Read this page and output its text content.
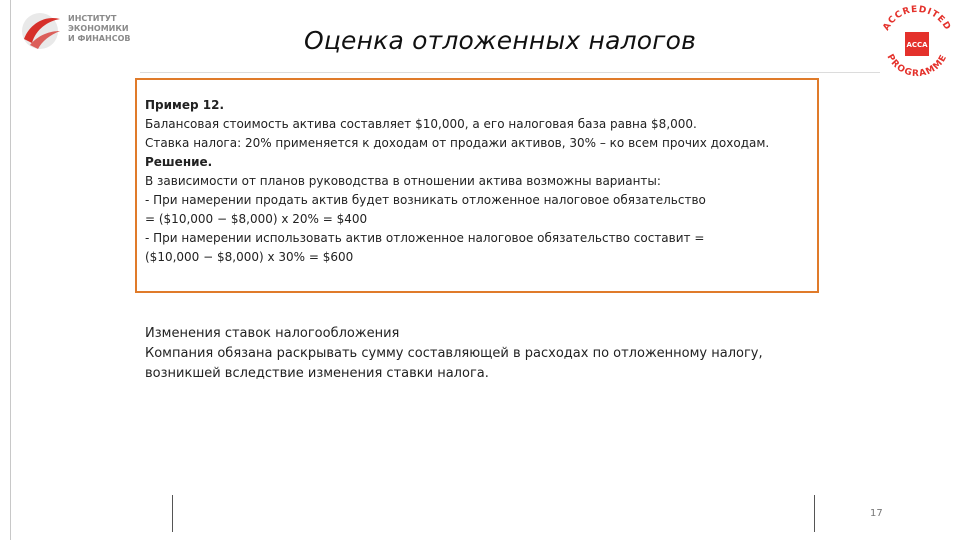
ИНСТИТУТ
ЭКОНОМИКИ
И ФИНАНСОВ	Оценка отложенных налогов	ACCREDITED
PROGRAMME
ACCA
Пример 12.
Балансовая стоимость актива составляет $10,000, а его налоговая база равна $8,000.
Ставка налога: 20% применяется к доходам от продажи активов, 30% – ко всем прочих доходам.
Решение.
В зависимости от планов руководства в отношении актива возможны варианты:
- При намерении продать актив будет возникать отложенное налоговое обязательство
= ($10,000 − $8,000) x 20% = $400
- При намерении использовать актив отложенное налоговое обязательство составит =
($10,000 − $8,000) x 30% = $600
Изменения ставок налогообложения
Компания обязана раскрывать сумму составляющей в расходах по отложенному налогу,
возникшей вследствие изменения ставки налога.
17
